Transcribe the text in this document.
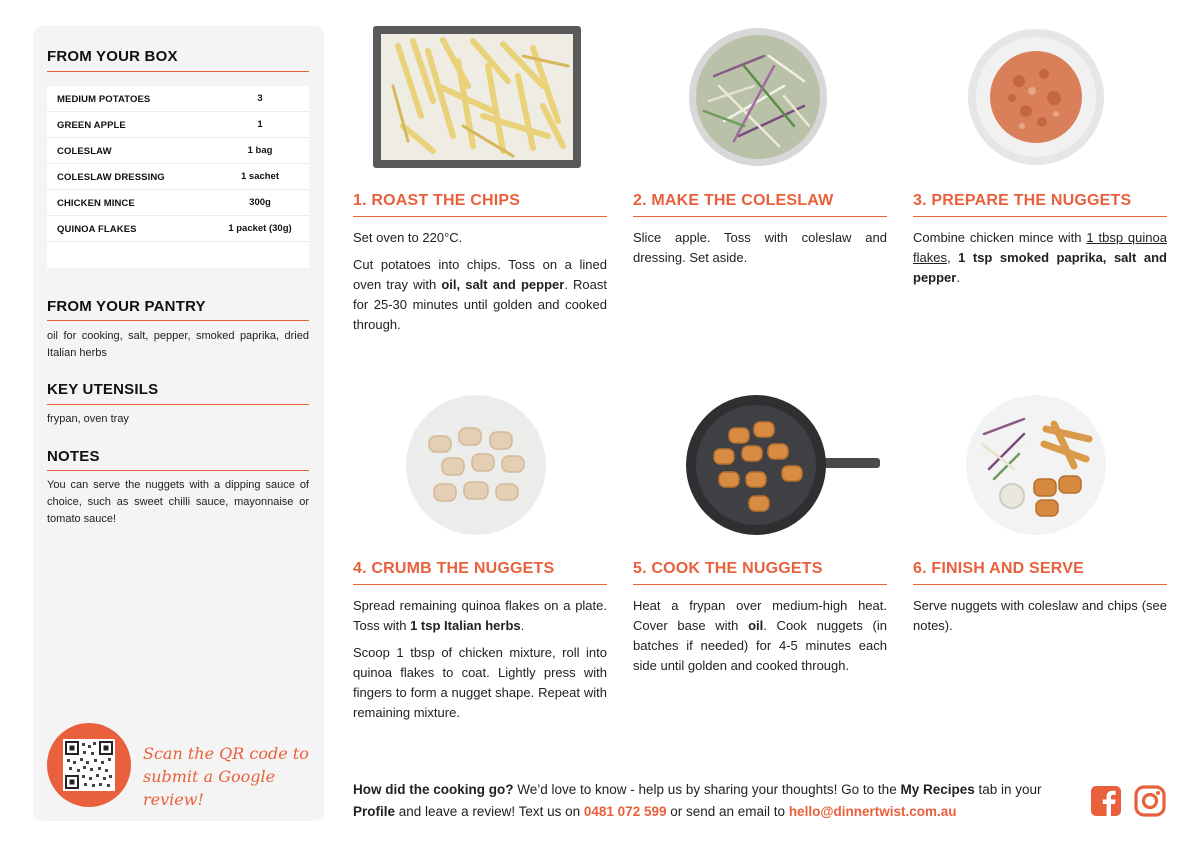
FROM YOUR BOX
MEDIUM POTATOES	3
GREEN APPLE	1
COLESLAW	1 bag
COLESLAW DRESSING	1 sachet
CHICKEN MINCE	300g
QUINOA FLAKES	1 packet (30g)
FROM YOUR PANTRY
oil for cooking, salt, pepper, smoked paprika, dried Italian herbs
KEY UTENSILS
frypan, oven tray
NOTES
You can serve the nuggets with a dipping sauce of choice, such as sweet chilli sauce, mayonnaise or tomato sauce!
Scan the QR code to submit a Google review!
1. ROAST THE CHIPS

Set oven to 220°C.

Cut potatoes into chips. Toss on a lined oven tray with oil, salt and pepper. Roast for 25-30 minutes until golden and cooked through.

2. MAKE THE COLESLAW

Slice apple. Toss with coleslaw and dressing. Set aside.

3. PREPARE THE NUGGETS

Combine chicken mince with 1 tbsp quinoa flakes, 1 tsp smoked paprika, salt and pepper.

4. CRUMB THE NUGGETS

Spread remaining quinoa flakes on a plate. Toss with 1 tsp Italian herbs.

Scoop 1 tbsp of chicken mixture, roll into quinoa flakes to coat. Lightly press with fingers to form a nugget shape. Repeat with remaining mixture.

5. COOK THE NUGGETS

Heat a frypan over medium-high heat. Cover base with oil. Cook nuggets (in batches if needed) for 4-5 minutes each side until golden and cooked through.

6. FINISH AND SERVE

Serve nuggets with coleslaw and chips (see notes).

How did the cooking go? We’d love to know - help us by sharing your thoughts! Go to the My Recipes tab in your Profile and leave a review! Text us on 0481 072 599 or send an email to hello@dinnertwist.com.au
